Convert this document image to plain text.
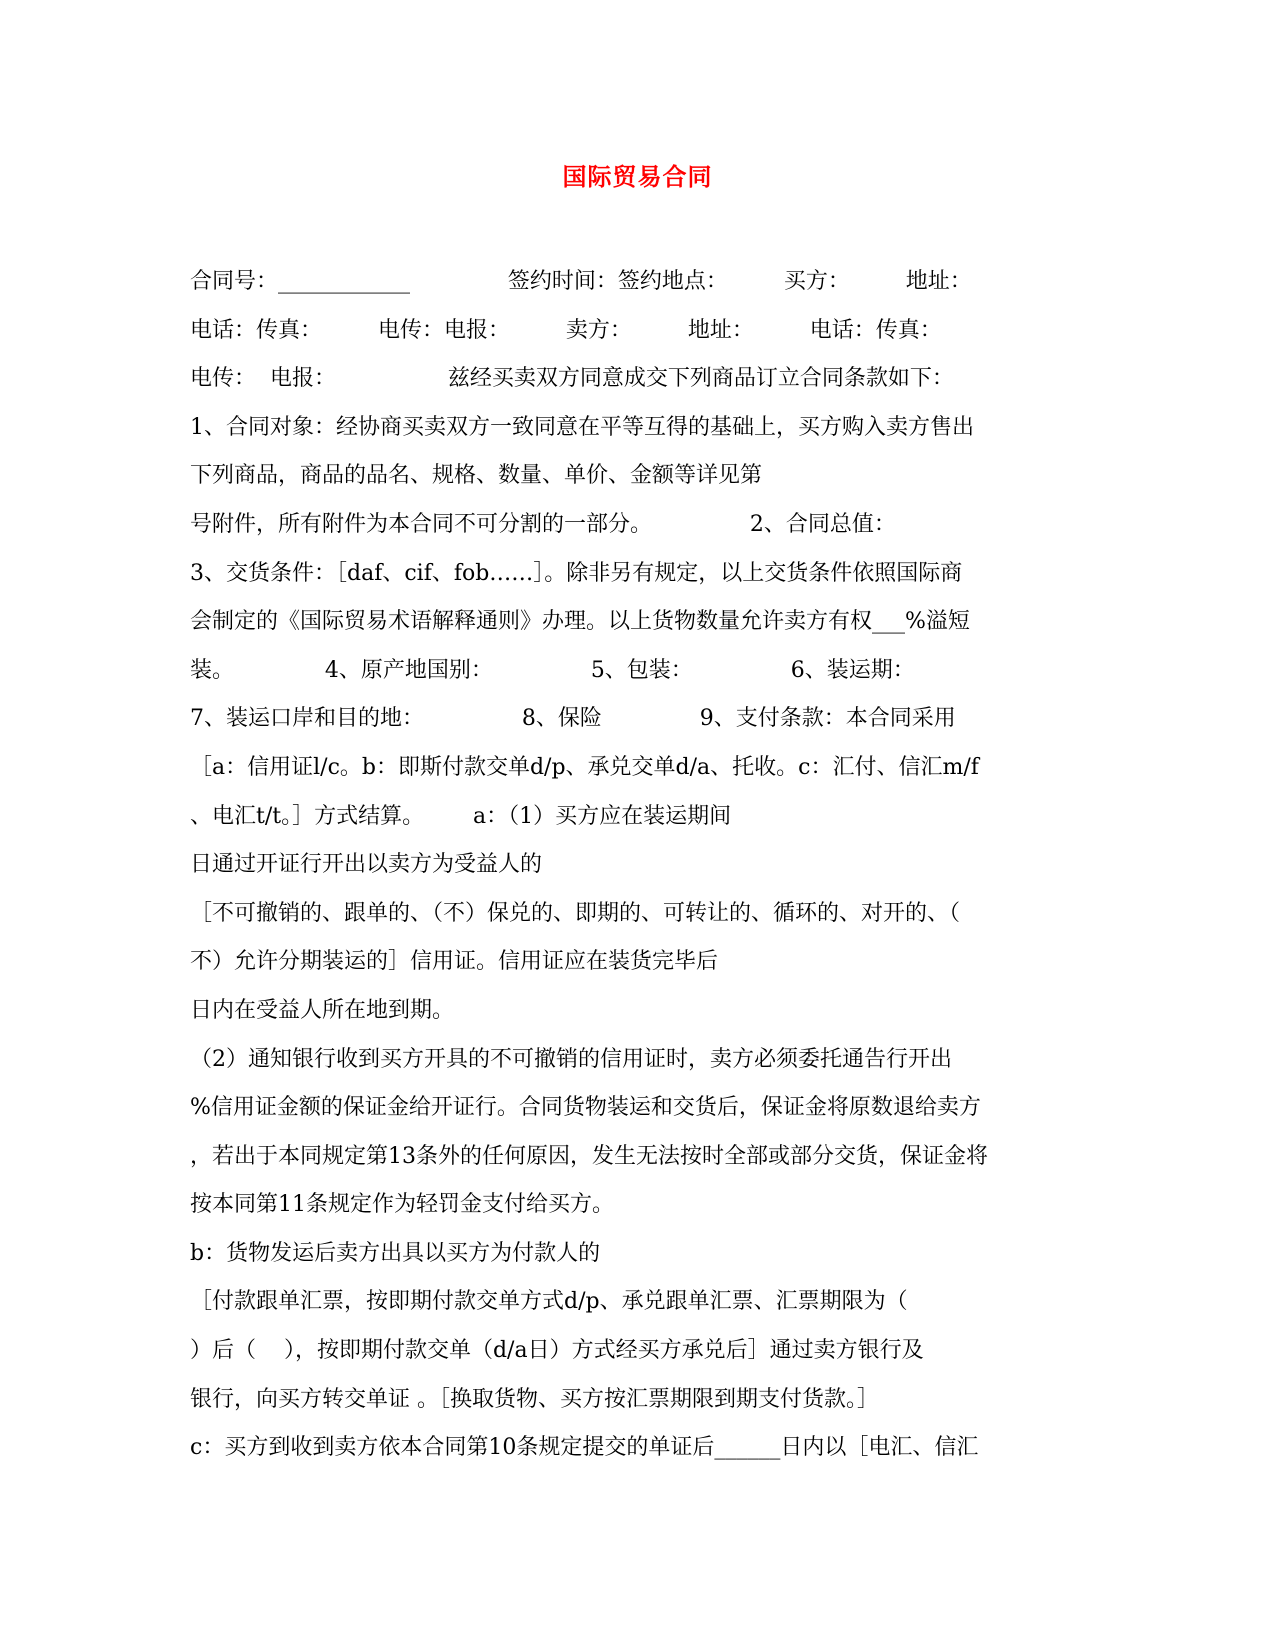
国际贸易合同
合同号：____________              签约时间：签约地点：        买方：        地址：
电话：传真：        电传：电报：        卖方：        地址：        电话：传真：
电传：  电报：                兹经买卖双方同意成交下列商品订立合同条款如下：
1、合同对象：经协商买卖双方一致同意在平等互得的基础上，买方购入卖方售出
下列商品，商品的品名、规格、数量、单价、金额等详见第
号附件，所有附件为本合同不可分割的一部分。              2、合同总值：
3、交货条件：［daf、cif、fob……］。除非另有规定，以上交货条件依照国际商
会制定的《国际贸易术语解释通则》办理。以上货物数量允许卖方有权___%溢短
装。             4、原产地国别：              5、包装：              6、装运期：
7、装运口岸和目的地：              8、保险              9、支付条款：本合同采用
［a：信用证l/c。b：即斯付款交单d/p、承兑交单d/a、托收。c：汇付、信汇m/f
、电汇t/t。］方式结算。       a：（1）买方应在装运期间
日通过开证行开出以卖方为受益人的
［不可撤销的、跟单的、（不）保兑的、即期的、可转让的、循环的、对开的、（
不）允许分期装运的］信用证。信用证应在装货完毕后
日内在受益人所在地到期。
（2）通知银行收到买方开具的不可撤销的信用证时，卖方必须委托通告行开出
%信用证金额的保证金给开证行。合同货物装运和交货后，保证金将原数退给卖方
，若出于本同规定第13条外的任何原因，发生无法按时全部或部分交货，保证金将
按本同第11条规定作为轻罚金支付给买方。
b：货物发运后卖方出具以买方为付款人的
［付款跟单汇票，按即期付款交单方式d/p、承兑跟单汇票、汇票期限为（
）后（    ），按即期付款交单（d/a日）方式经买方承兑后］通过卖方银行及
银行，向买方转交单证 。［换取货物、买方按汇票期限到期支付货款。］
c：买方到收到卖方依本合同第10条规定提交的单证后______日内以［电汇、信汇
